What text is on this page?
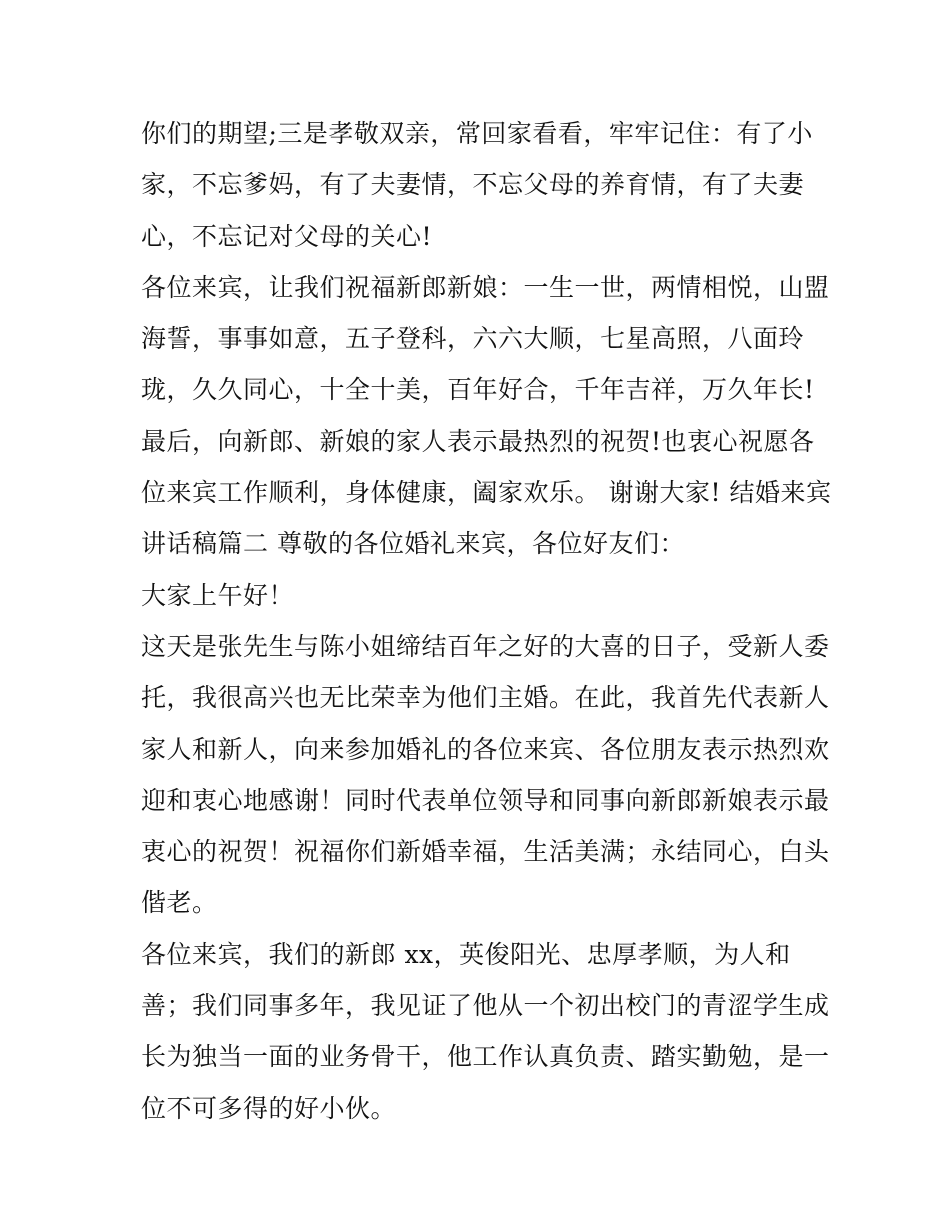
你们的期望;三是孝敬双亲，常回家看看，牢牢记住：有了小
家，不忘爹妈，有了夫妻情，不忘父母的养育情，有了夫妻
心，不忘记对父母的关心!
各位来宾，让我们祝福新郎新娘：一生一世，两情相悦，山盟
海誓，事事如意，五子登科，六六大顺，七星高照，八面玲
珑，久久同心，十全十美，百年好合，千年吉祥，万久年长!
最后，向新郎、新娘的家人表示最热烈的祝贺!也衷心祝愿各
位来宾工作顺利，身体健康，阖家欢乐。 谢谢大家! 结婚来宾
讲话稿篇二 尊敬的各位婚礼来宾，各位好友们：
大家上午好！
这天是张先生与陈小姐缔结百年之好的大喜的日子，受新人委
托，我很高兴也无比荣幸为他们主婚。在此，我首先代表新人
家人和新人，向来参加婚礼的各位来宾、各位朋友表示热烈欢
迎和衷心地感谢！同时代表单位领导和同事向新郎新娘表示最
衷心的祝贺！祝福你们新婚幸福，生活美满；永结同心，白头
偕老。
各位来宾，我们的新郎 xx，英俊阳光、忠厚孝顺，为人和
善；我们同事多年，我见证了他从一个初出校门的青涩学生成
长为独当一面的业务骨干，他工作认真负责、踏实勤勉，是一
位不可多得的好小伙。
